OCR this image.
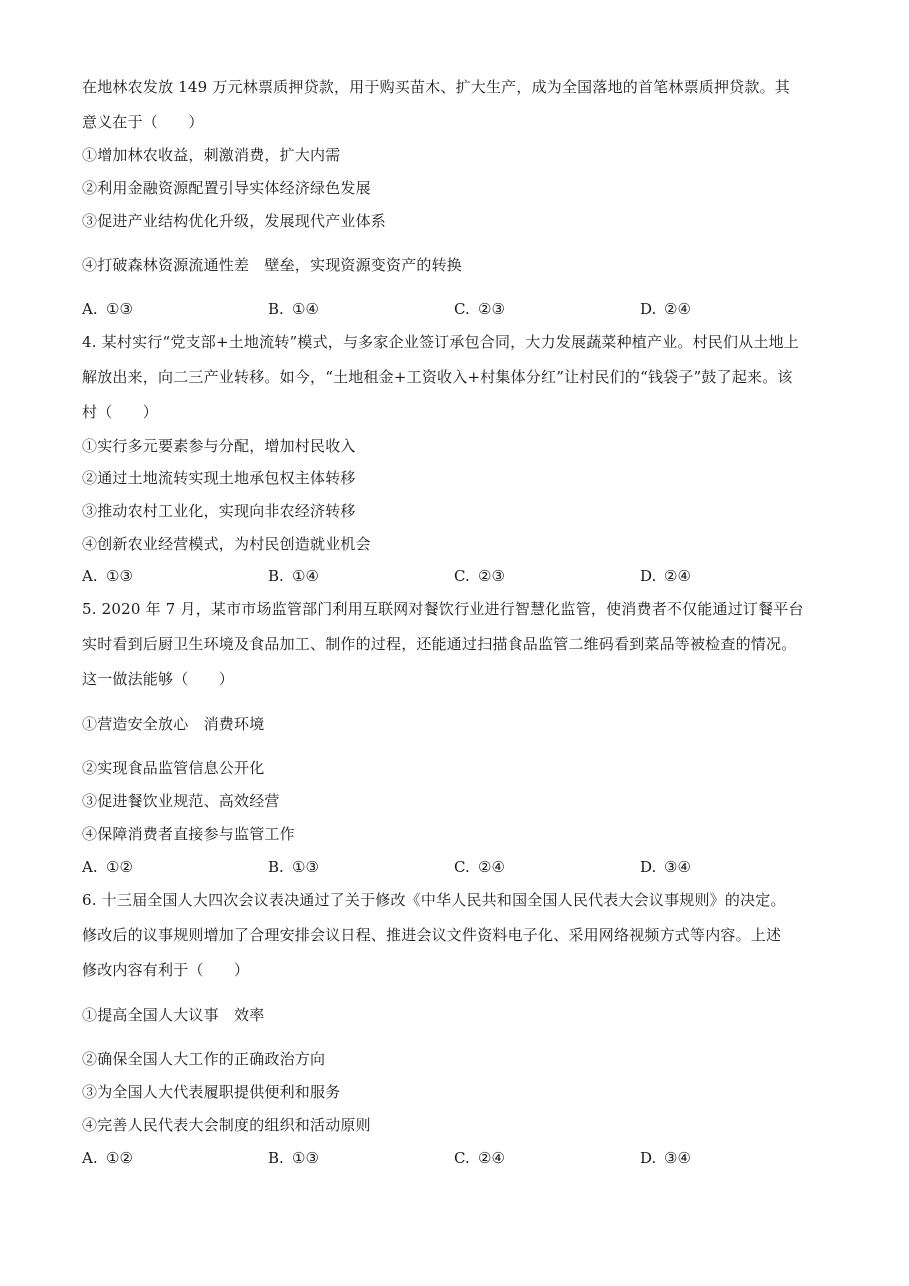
在地林农发放 149 万元林票质押贷款，用于购买苗木、扩大生产，成为全国落地的首笔林票质押贷款。其
意义在于（　　）
①增加林农收益，刺激消费，扩大内需
②利用金融资源配置引导实体经济绿色发展
③促进产业结构优化升级，发展现代产业体系
④打破森林资源流通性差　壁垒，实现资源变资产的转换
A. ①③	B. ①④	C. ②③	D. ②④
4. 某村实行“党支部+土地流转”模式，与多家企业签订承包合同，大力发展蔬菜种植产业。村民们从土地上
解放出来，向二三产业转移。如今，“土地租金+工资收入+村集体分红”让村民们的“钱袋子”鼓了起来。该
村（　　）
①实行多元要素参与分配，增加村民收入
②通过土地流转实现土地承包权主体转移
③推动农村工业化，实现向非农经济转移
④创新农业经营模式，为村民创造就业机会
A. ①③	B. ①④	C. ②③	D. ②④
5. 2020 年 7 月，某市市场监管部门利用互联网对餐饮行业进行智慧化监管，使消费者不仅能通过订餐平台
实时看到后厨卫生环境及食品加工、制作的过程，还能通过扫描食品监管二维码看到菜品等被检查的情况。
这一做法能够（　　）
①营造安全放心　消费环境
②实现食品监管信息公开化
③促进餐饮业规范、高效经营
④保障消费者直接参与监管工作
A. ①②	B. ①③	C. ②④	D. ③④
6. 十三届全国人大四次会议表决通过了关于修改《中华人民共和国全国人民代表大会议事规则》的决定。
修改后的议事规则增加了合理安排会议日程、推进会议文件资料电子化、采用网络视频方式等内容。上述
修改内容有利于（　　）
①提高全国人大议事　效率
②确保全国人大工作的正确政治方向
③为全国人大代表履职提供便利和服务
④完善人民代表大会制度的组织和活动原则
A. ①②	B. ①③	C. ②④	D. ③④
